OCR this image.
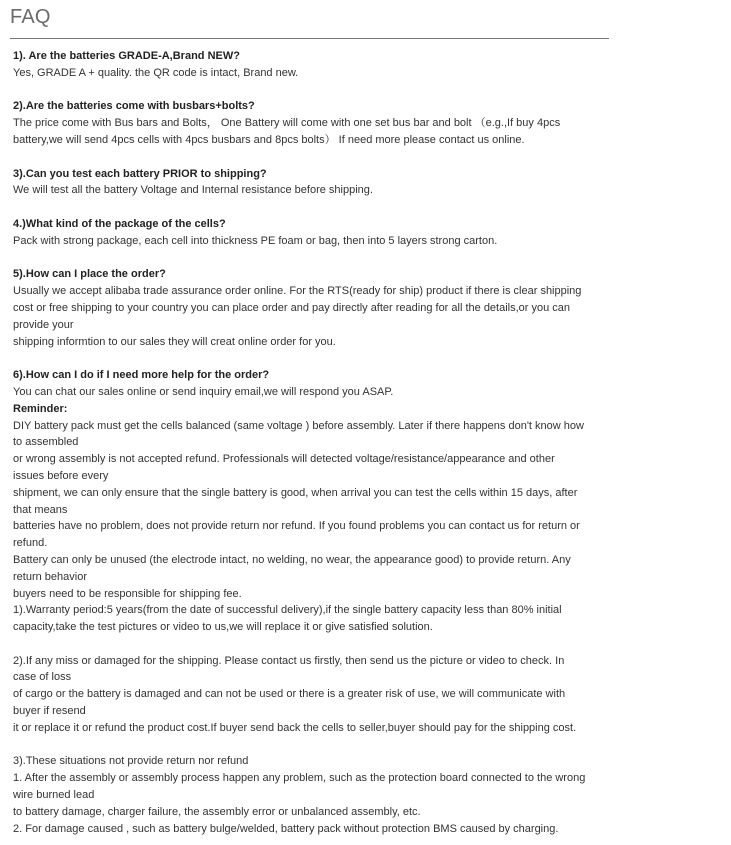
FAQ
1). Are the batteries GRADE-A,Brand NEW?
Yes, GRADE A + quality. the QR code is intact, Brand new.
2).Are the batteries come with busbars+bolts?
The price come with Bus bars and Bolts， One Battery will come with one set bus bar and bolt （e.g.,If buy 4pcs
battery,we will send 4pcs cells with 4pcs busbars and 8pcs bolts） If need more please contact us online.
3).Can you test each battery PRIOR to shipping?
We will test all the battery Voltage and Internal resistance before shipping.
4.)What kind of the package of the cells?
Pack with strong package, each cell into thickness PE foam or bag, then into 5 layers strong carton.
5).How can I place the order?
Usually we accept alibaba trade assurance order online. For the RTS(ready for ship) product if there is clear shipping
cost or free shipping to your country you can place order and pay directly after reading for all the details,or you can
provide your
shipping informtion to our sales they will creat online order for you.
6).How can I do if I need more help for the order?
You can chat our sales online or send inquiry email,we will respond you ASAP.
Reminder:
DIY battery pack must get the cells balanced (same voltage ) before assembly. Later if there happens don't know how
to assembled
or wrong assembly is not accepted refund. Professionals will detected voltage/resistance/appearance and other
issues before every
shipment, we can only ensure that the single battery is good, when arrival you can test the cells within 15 days, after
that means
batteries have no problem, does not provide return nor refund. If you found problems you can contact us for return or
refund.
Battery can only be unused (the electrode intact, no welding, no wear, the appearance good) to provide return. Any
return behavior
buyers need to be responsible for shipping fee.
1).Warranty period:5 years(from the date of successful delivery),if the single battery capacity less than 80% initial
capacity,take the test pictures or video to us,we will replace it or give satisfied solution.
2).If any miss or damaged for the shipping. Please contact us firstly, then send us the picture or video to check. In
case of loss
of cargo or the battery is damaged and can not be used or there is a greater risk of use, we will communicate with
buyer if resend
it or replace it or refund the product cost.If buyer send back the cells to seller,buyer should pay for the shipping cost.
3).These situations not provide return nor refund
1. After the assembly or assembly process happen any problem, such as the protection board connected to the wrong
wire burned lead
to battery damage, charger failure, the assembly error or unbalanced assembly, etc.
2. For damage caused , such as battery bulge/welded, battery pack without protection BMS caused by charging.
